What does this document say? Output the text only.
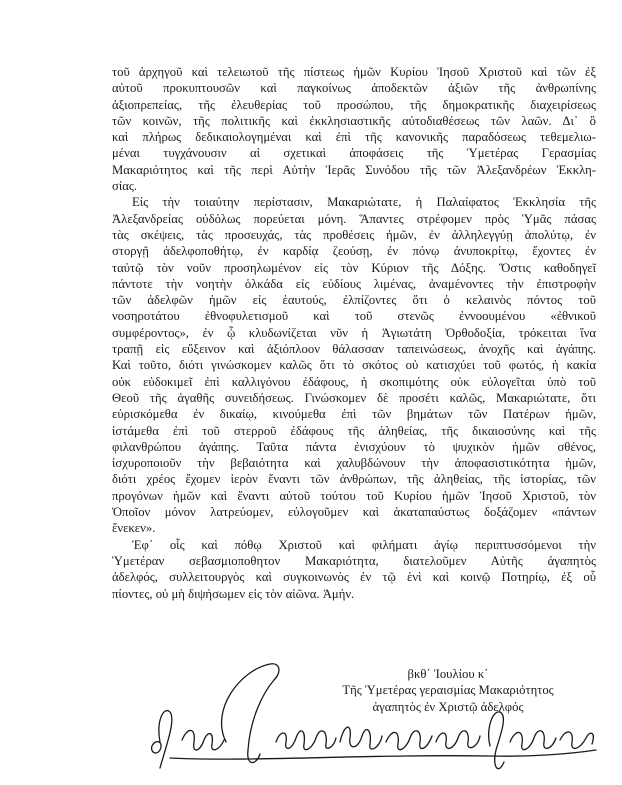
τοῦ ἀρχηγοῦ καὶ τελειωτοῦ τῆς πίστεως ἡμῶν Κυρίου Ἰησοῦ Χριστοῦ καὶ τῶν ἐξ
αὐτοῦ προκυπτουσῶν καὶ παγκοίνως ἀποδεκτῶν ἀξιῶν τῆς ἀνθρωπίνης
ἀξιοπρεπείας, τῆς ἐλευθερίας τοῦ προσώπου, τῆς δημοκρατικῆς διαχειρίσεως
τῶν κοινῶν, τῆς πολιτικῆς καὶ ἐκκλησιαστικῆς αὐτοδιαθέσεως τῶν λαῶν. Δι᾽ ὃ
καὶ πλήρως δεδικαιολογημέναι καὶ ἐπὶ τῆς κανονικῆς παραδόσεως τεθεμελιω-
μέναι τυγχάνουσιν αἱ σχετικαὶ ἀποφάσεις τῆς Ὑμετέρας Γερασμίας
Μακαριότητος καὶ τῆς περὶ Αὐτὴν Ἱερᾶς Συνόδου τῆς τῶν Ἀλεξανδρέων Ἐκκλη-
σίας.

Εἰς τὴν τοιαύτην περίστασιν, Μακαριώτατε, ἡ Παλαίφατος Ἐκκλησία τῆς
Ἀλεξανδρείας οὐδόλως πορεύεται μόνη. Ἅπαντες στρέφομεν πρὸς Ὑμᾶς πάσας
τὰς σκέψεις, τὰς προσευχάς, τὰς προθέσεις ἡμῶν, ἐν ἀλληλεγγύῃ ἀπολύτῳ, ἐν
στοργῇ ἀδελφοποθήτῳ, ἐν καρδίᾳ ζεούσῃ, ἐν πόνῳ ἀνυποκρίτῳ, ἔχοντες ἐν
ταὐτῷ τὸν νοῦν προσηλωμένον εἰς τὸν Κύριον τῆς Δόξης. Ὅστις καθοδηγεῖ
πάντοτε τὴν νοητὴν ὁλκάδα εἰς εὐδίους λιμένας, ἀναμένοντες τὴν ἐπιστροφὴν
τῶν ἀδελφῶν ἡμῶν εἰς ἑαυτούς, ἐλπίζοντες ὅτι ὁ κελαινὸς πόντος τοῦ
νοσηροτάτου ἐθνοφυλετισμοῦ καὶ τοῦ στενῶς ἐννοουμένου «ἐθνικοῦ
συμφέροντος», ἐν ᾧ κλυδωνίζεται νῦν ἡ Ἁγιωτάτη Ὀρθοδοξία, τρόκειται ἵνα
τραπῇ εἰς εὔξεινον καὶ ἀξιόπλοον θάλασσαν ταπεινώσεως, ἀνοχῆς καὶ ἀγάπης.
Καὶ τοῦτο, διότι γινώσκομεν καλῶς ὅτι τὸ σκότος οὐ κατισχύει τοῦ φωτός, ἡ κακία
οὐκ εὐδοκιμεῖ ἐπὶ καλλιγόνου ἐδάφους, ἡ σκοπιμότης οὐκ εὐλογεῖται ὑπὸ τοῦ
Θεοῦ τῆς ἀγαθῆς συνειδήσεως. Γινώσκομεν δὲ προσέτι καλῶς, Μακαριώτατε, ὅτι
εὑρισκόμεθα ἐν δικαίῳ, κινούμεθα ἐπὶ τῶν βημάτων τῶν Πατέρων ἡμῶν,
ἱστάμεθα ἐπὶ τοῦ στερροῦ ἐδάφους τῆς ἀληθείας, τῆς δικαιοσύνης καὶ τῆς
φιλανθρώπου ἀγάπης. Ταῦτα πάντα ἐνισχύουν τὸ ψυχικὸν ἡμῶν σθένος,
ἰσχυροποιοῦν τὴν βεβαιότητα καὶ χαλυβδώνουν τὴν ἀποφασιστικότητα ἡμῶν,
διότι χρέος ἔχομεν ἱερὸν ἔναντι τῶν ἀνθρώπων, τῆς ἀληθείας, τῆς ἱστορίας, τῶν
προγόνων ἡμῶν καὶ ἔναντι αὐτοῦ τούτου τοῦ Κυρίου ἡμῶν Ἰησοῦ Χριστοῦ, τὸν
Ὁποῖον μόνον λατρεύομεν, εὐλογοῦμεν καὶ ἀκαταπαύστως δοξάζομεν «πάντων
ἕνεκεν».

Ἐφ᾽ οἷς καὶ πόθῳ Χριστοῦ καὶ φιλήματι ἁγίῳ περιπτυσσόμενοι τὴν
Ὑμετέραν σεβασμιοποθητον Μακαριότητα, διατελοῦμεν Αὐτῆς ἀγαπητὸς
ἀδελφός, συλλειτουργὸς καὶ συγκοινωνὸς ἐν τῷ ἑνὶ καὶ κοινῷ Ποτηρίῳ, ἐξ οὗ
πίοντες, οὐ μὴ διψήσωμεν εἰς τὸν αἰῶνα. Ἀμήν.

βκθ΄ Ἰουλίου κ΄
Τῆς Ὑμετέρας γεραισμίας Μακαριότητος
ἀγαπητὸς ἐν Χριστῷ ἀδελφός
